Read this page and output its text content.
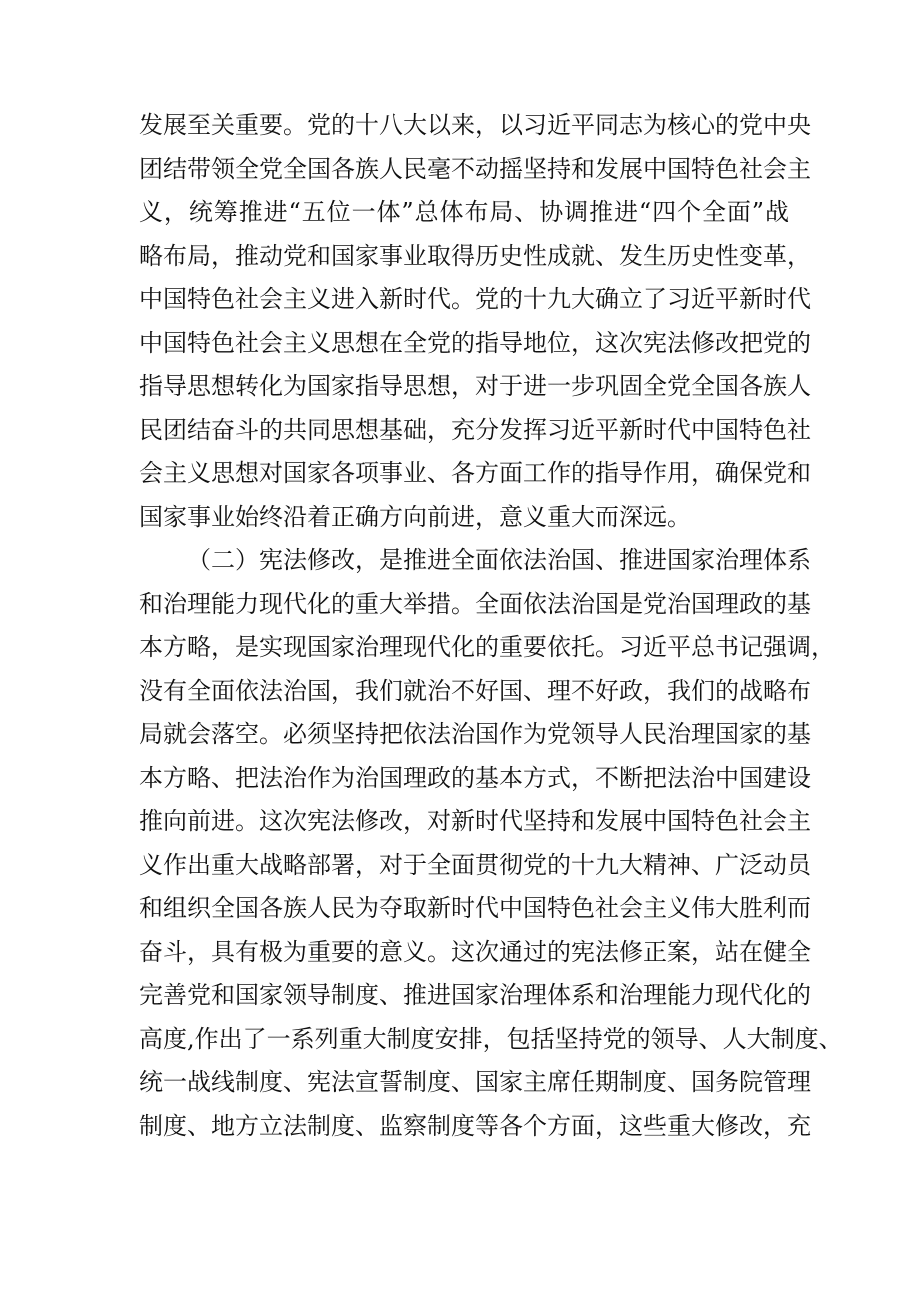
发展至关重要。党的十八大以来，以习近平同志为核心的党中央
团结带领全党全国各族人民毫不动摇坚持和发展中国特色社会主
义，统筹推进“五位一体”总体布局、协调推进“四个全面”战
略布局，推动党和国家事业取得历史性成就、发生历史性变革，
中国特色社会主义进入新时代。党的十九大确立了习近平新时代
中国特色社会主义思想在全党的指导地位，这次宪法修改把党的
指导思想转化为国家指导思想，对于进一步巩固全党全国各族人
民团结奋斗的共同思想基础，充分发挥习近平新时代中国特色社
会主义思想对国家各项事业、各方面工作的指导作用，确保党和
国家事业始终沿着正确方向前进，意义重大而深远。
（二）宪法修改，是推进全面依法治国、推进国家治理体系
和治理能力现代化的重大举措。全面依法治国是党治国理政的基
本方略，是实现国家治理现代化的重要依托。习近平总书记强调，
没有全面依法治国，我们就治不好国、理不好政，我们的战略布
局就会落空。必须坚持把依法治国作为党领导人民治理国家的基
本方略、把法治作为治国理政的基本方式，不断把法治中国建设
推向前进。这次宪法修改，对新时代坚持和发展中国特色社会主
义作出重大战略部署，对于全面贯彻党的十九大精神、广泛动员
和组织全国各族人民为夺取新时代中国特色社会主义伟大胜利而
奋斗，具有极为重要的意义。这次通过的宪法修正案，站在健全
完善党和国家领导制度、推进国家治理体系和治理能力现代化的
高度,作出了一系列重大制度安排，包括坚持党的领导、人大制度、
统一战线制度、宪法宣誓制度、国家主席任期制度、国务院管理
制度、地方立法制度、监察制度等各个方面，这些重大修改，充
